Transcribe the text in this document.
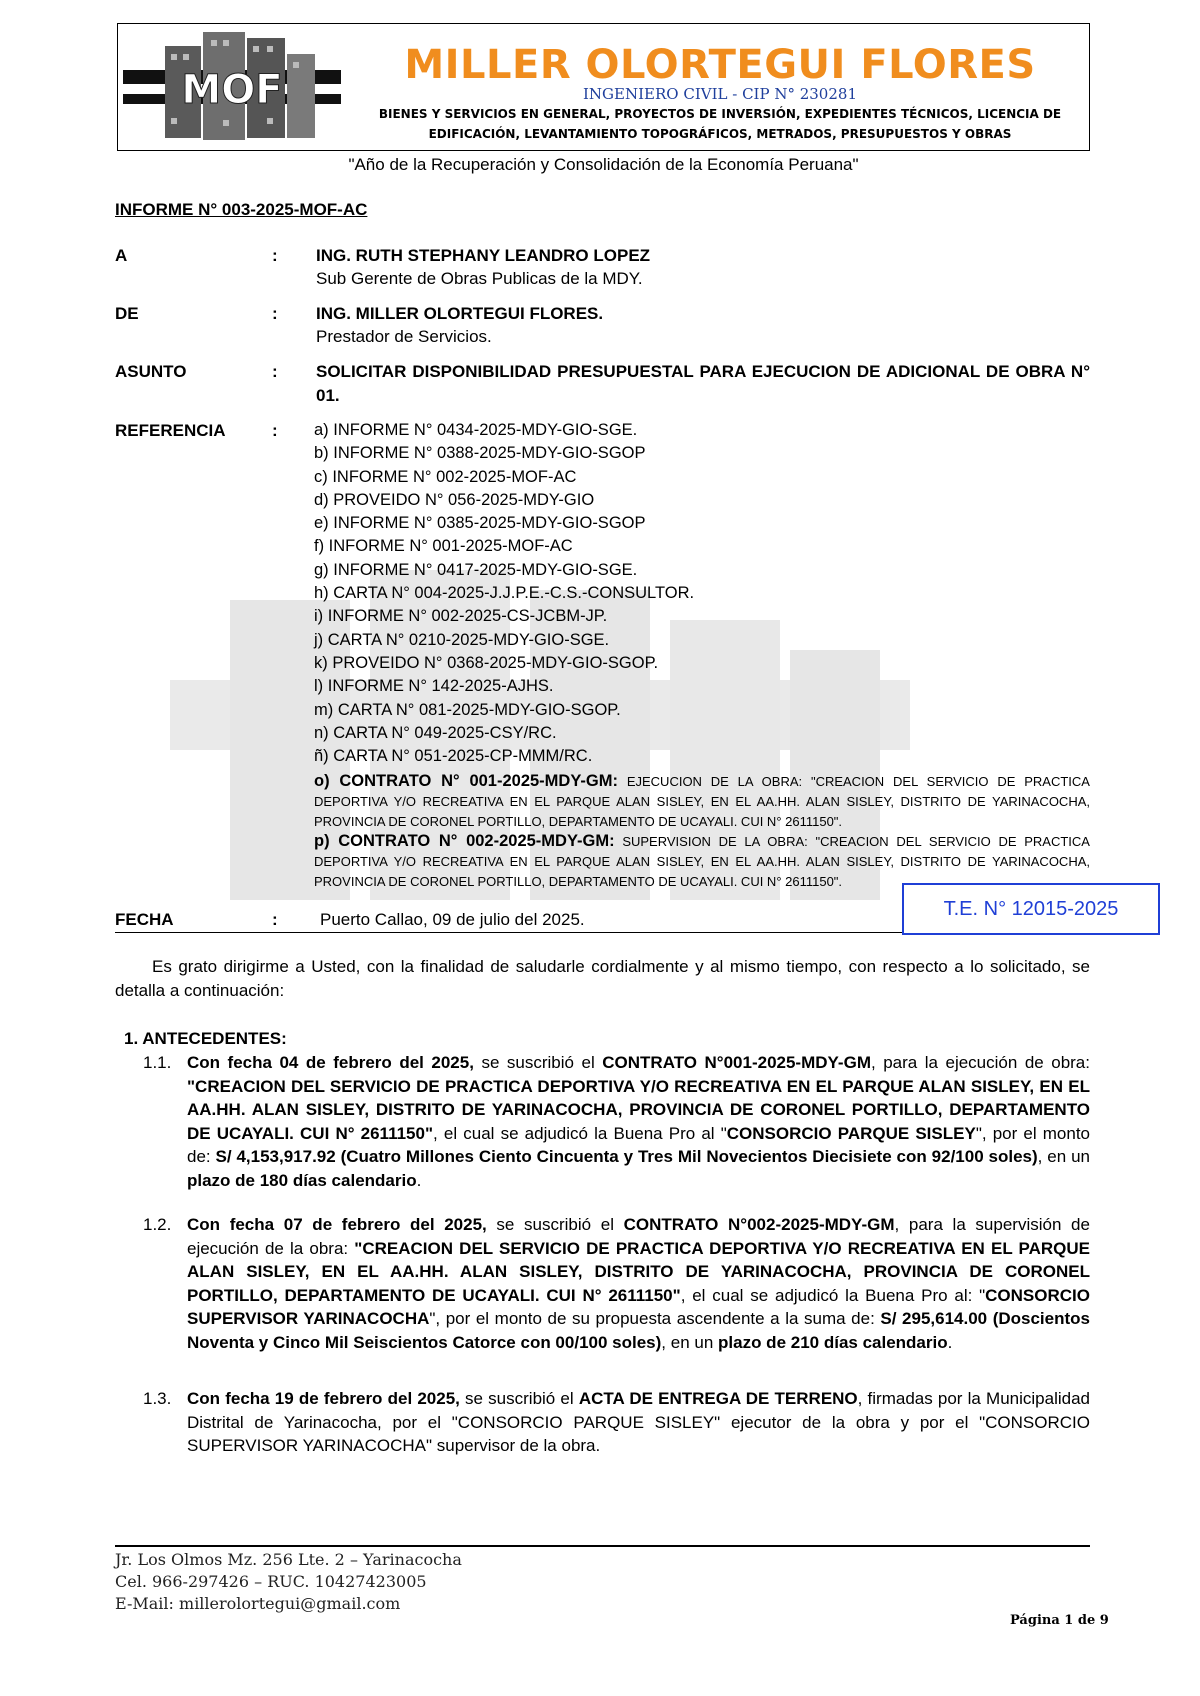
MOF
MILLER OLORTEGUI FLORES
INGENIERO CIVIL - CIP N° 230281
BIENES Y SERVICIOS EN GENERAL, PROYECTOS DE INVERSIÓN, EXPEDIENTES TÉCNICOS, LICENCIA DE
EDIFICACIÓN, LEVANTAMIENTO TOPOGRÁFICOS, METRADOS, PRESUPUESTOS Y OBRAS
"Año de la Recuperación y Consolidación de la Economía Peruana"
INFORME N° 003-2025-MOF-AC
A	: ING. RUTH STEPHANY LEANDRO LOPEZ
Sub Gerente de Obras Publicas de la MDY.
DE	: ING. MILLER OLORTEGUI FLORES.
Prestador de Servicios.
ASUNTO	: SOLICITAR DISPONIBILIDAD PRESUPUESTAL PARA EJECUCION DE ADICIONAL DE OBRA N° 01.
REFERENCIA	: a) INFORME N° 0434-2025-MDY-GIO-SGE.
b) INFORME N° 0388-2025-MDY-GIO-SGOP
c) INFORME N° 002-2025-MOF-AC
d) PROVEIDO N° 056-2025-MDY-GIO
e) INFORME N° 0385-2025-MDY-GIO-SGOP
f) INFORME N° 001-2025-MOF-AC
g) INFORME N° 0417-2025-MDY-GIO-SGE.
h) CARTA N° 004-2025-J.J.P.E.-C.S.-CONSULTOR.
i) INFORME N° 002-2025-CS-JCBM-JP.
j) CARTA N° 0210-2025-MDY-GIO-SGE.
k) PROVEIDO N° 0368-2025-MDY-GIO-SGOP.
l) INFORME N° 142-2025-AJHS.
m) CARTA N° 081-2025-MDY-GIO-SGOP.
n) CARTA N° 049-2025-CSY/RC.
ñ) CARTA N° 051-2025-CP-MMM/RC.
o) CONTRATO N° 001-2025-MDY-GM: EJECUCION DE LA OBRA: "CREACION DEL SERVICIO DE PRACTICA DEPORTIVA Y/O RECREATIVA EN EL PARQUE ALAN SISLEY, EN EL AA.HH. ALAN SISLEY, DISTRITO DE YARINACOCHA, PROVINCIA DE CORONEL PORTILLO, DEPARTAMENTO DE UCAYALI. CUI N° 2611150".
p) CONTRATO N° 002-2025-MDY-GM: SUPERVISION DE LA OBRA: "CREACION DEL SERVICIO DE PRACTICA DEPORTIVA Y/O RECREATIVA EN EL PARQUE ALAN SISLEY, EN EL AA.HH. ALAN SISLEY, DISTRITO DE YARINACOCHA, PROVINCIA DE CORONEL PORTILLO, DEPARTAMENTO DE UCAYALI. CUI N° 2611150".
FECHA	: Puerto Callao, 09 de julio del 2025.	T.E. N° 12015-2025
Es grato dirigirme a Usted, con la finalidad de saludarle cordialmente y al mismo tiempo, con respecto a lo solicitado, se detalla a continuación:
1. ANTECEDENTES:
1.1. Con fecha 04 de febrero del 2025, se suscribió el CONTRATO N°001-2025-MDY-GM, para la ejecución de obra: "CREACION DEL SERVICIO DE PRACTICA DEPORTIVA Y/O RECREATIVA EN EL PARQUE ALAN SISLEY, EN EL AA.HH. ALAN SISLEY, DISTRITO DE YARINACOCHA, PROVINCIA DE CORONEL PORTILLO, DEPARTAMENTO DE UCAYALI. CUI N° 2611150", el cual se adjudicó la Buena Pro al "CONSORCIO PARQUE SISLEY", por el monto de: S/ 4,153,917.92 (Cuatro Millones Ciento Cincuenta y Tres Mil Novecientos Diecisiete con 92/100 soles), en un plazo de 180 días calendario.
1.2. Con fecha 07 de febrero del 2025, se suscribió el CONTRATO N°002-2025-MDY-GM, para la supervisión de ejecución de la obra: "CREACION DEL SERVICIO DE PRACTICA DEPORTIVA Y/O RECREATIVA EN EL PARQUE ALAN SISLEY, EN EL AA.HH. ALAN SISLEY, DISTRITO DE YARINACOCHA, PROVINCIA DE CORONEL PORTILLO, DEPARTAMENTO DE UCAYALI. CUI N° 2611150", el cual se adjudicó la Buena Pro al: "CONSORCIO SUPERVISOR YARINACOCHA", por el monto de su propuesta ascendente a la suma de: S/ 295,614.00 (Doscientos Noventa y Cinco Mil Seiscientos Catorce con 00/100 soles), en un plazo de 210 días calendario.
1.3. Con fecha 19 de febrero del 2025, se suscribió el ACTA DE ENTREGA DE TERRENO, firmadas por la Municipalidad Distrital de Yarinacocha, por el "CONSORCIO PARQUE SISLEY" ejecutor de la obra y por el "CONSORCIO SUPERVISOR YARINACOCHA" supervisor de la obra.
Jr. Los Olmos Mz. 256 Lte. 2 – Yarinacocha
Cel. 966-297426 – RUC. 10427423005
E-Mail: millerolortegui@gmail.com
Página 1 de 9
